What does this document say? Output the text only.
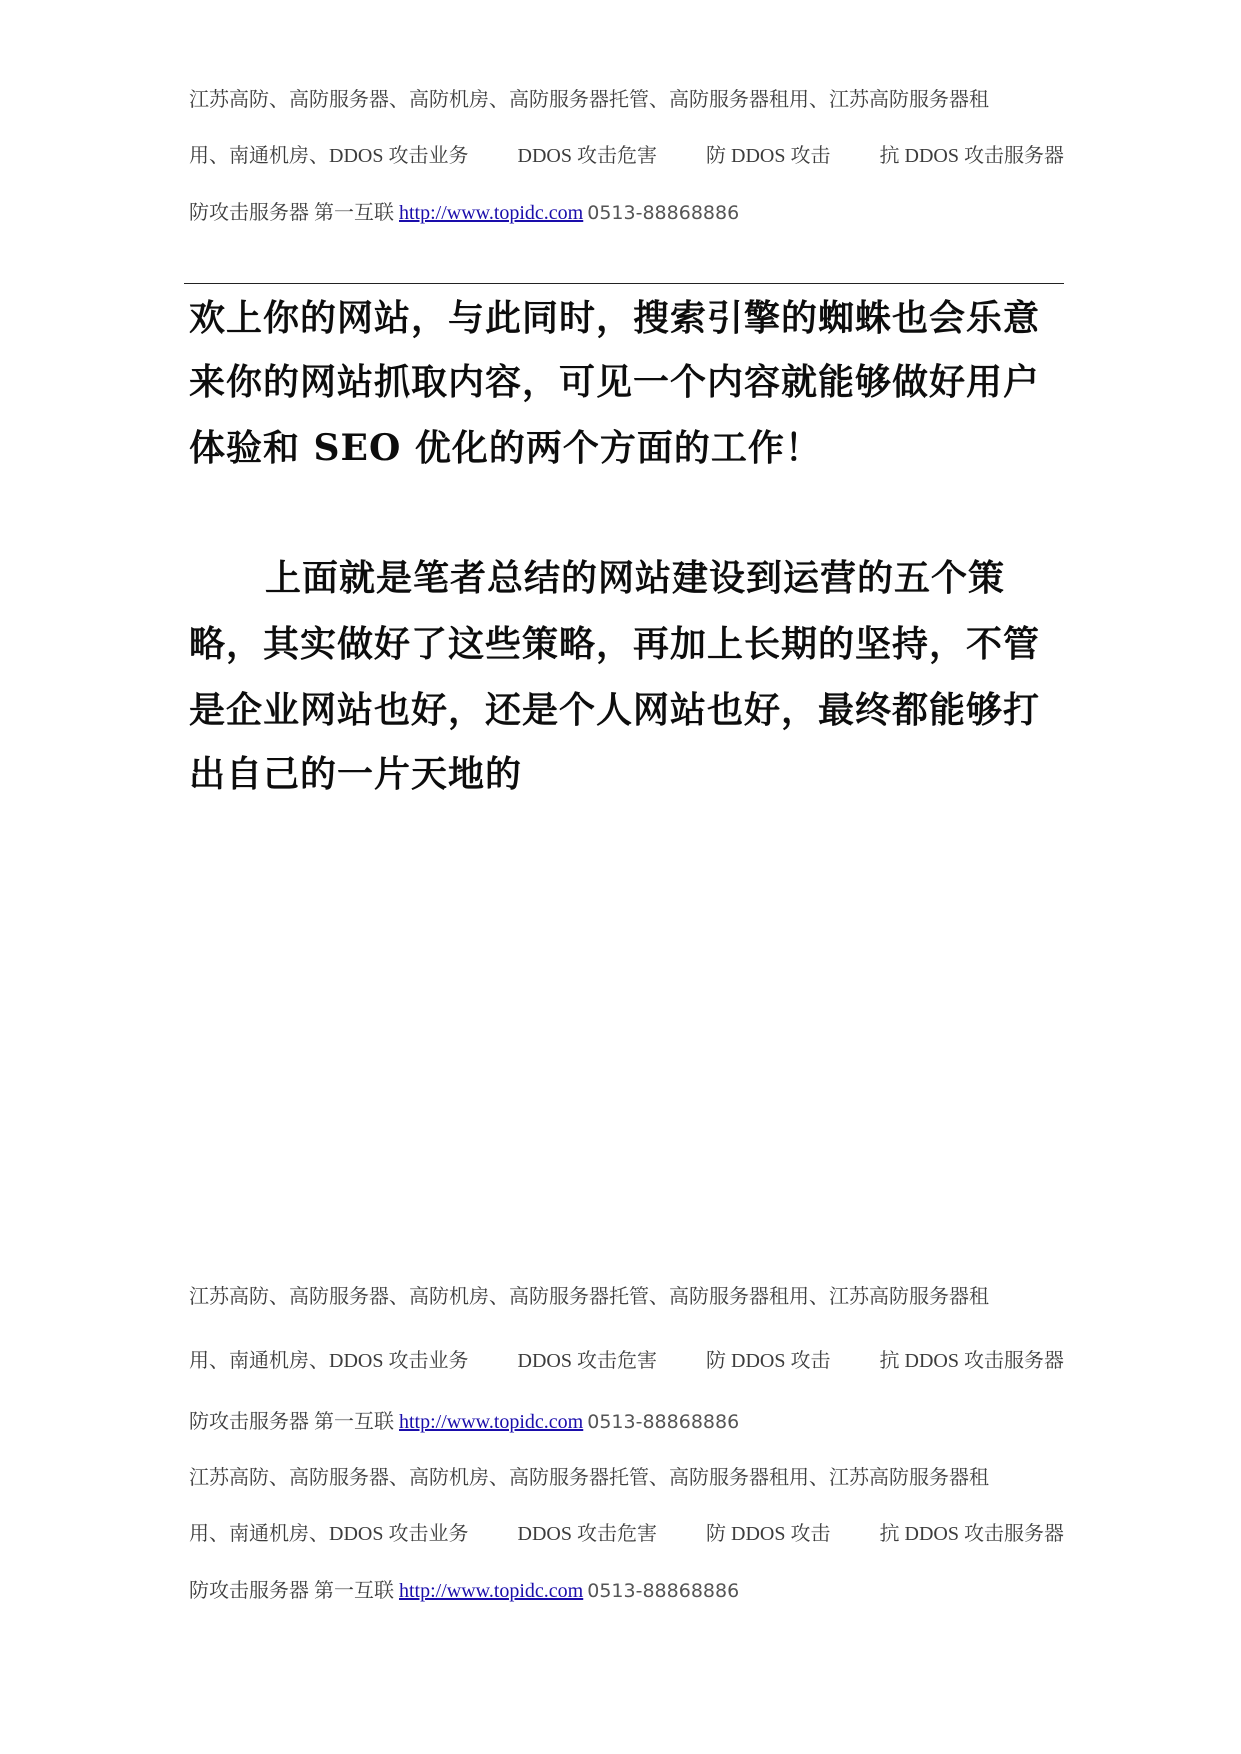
江苏高防、高防服务器、高防机房、高防服务器托管、高防服务器租用、江苏高防服务器租
用、南通机房、DDOS 攻击业务 DDOS 攻击危害 防 DDOS 攻击 抗 DDOS 攻击服务器
防攻击服务器 第一互联 http://www.topidc.com 0513-88868886
欢上你的网站，与此同时，搜索引擎的蜘蛛也会乐意
来你的网站抓取内容，可见一个内容就能够做好用户
体验和 SEO 优化的两个方面的工作！
上面就是笔者总结的网站建设到运营的五个策
略，其实做好了这些策略，再加上长期的坚持，不管
是企业网站也好，还是个人网站也好，最终都能够打
出自己的一片天地的
江苏高防、高防服务器、高防机房、高防服务器托管、高防服务器租用、江苏高防服务器租
用、南通机房、DDOS 攻击业务 DDOS 攻击危害 防 DDOS 攻击 抗 DDOS 攻击服务器
防攻击服务器 第一互联 http://www.topidc.com 0513-88868886
江苏高防、高防服务器、高防机房、高防服务器托管、高防服务器租用、江苏高防服务器租
用、南通机房、DDOS 攻击业务 DDOS 攻击危害 防 DDOS 攻击 抗 DDOS 攻击服务器
防攻击服务器 第一互联 http://www.topidc.com 0513-88868886
